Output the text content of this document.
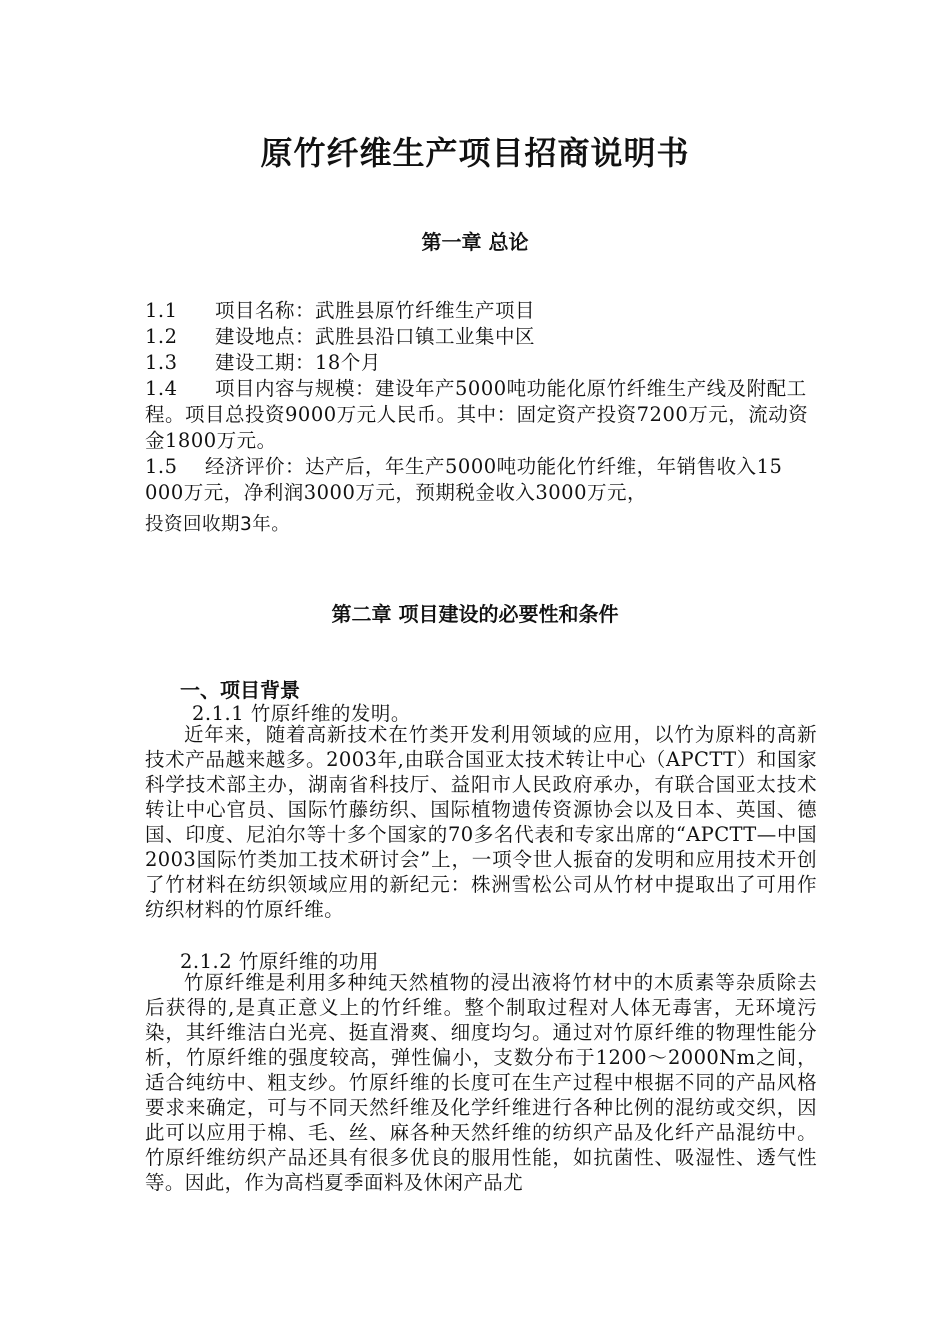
原竹纤维生产项目招商说明书
第一章 总论
1.1 项目名称：武胜县原竹纤维生产项目
1.2 建设地点：武胜县沿口镇工业集中区
1.3 建设工期：18个月
1.4 项目内容与规模：建设年产5000吨功能化原竹纤维生产线及附配工程。项目总投资9000万元人民币。其中：固定资产投资7200万元，流动资金1800万元。
1.5 经济评价：达产后，年生产5000吨功能化竹纤维，年销售收入15 000万元，净利润3000万元，预期税金收入3000万元，
投资回收期3年。
第二章 项目建设的必要性和条件
一、项目背景
2.1.1 竹原纤维的发明。

近年来，随着高新技术在竹类开发利用领域的应用，以竹为原料的高新技术产品越来越多。2003年,由联合国亚太技术转让中心（APCTT）和国家科学技术部主办，湖南省科技厅、益阳市人民政府承办，有联合国亚太技术转让中心官员、国际竹藤纺织、国际植物遗传资源协会以及日本、英国、德国、印度、尼泊尔等十多个国家的70多名代表和专家出席的“APCTT—中国2003国际竹类加工技术研讨会”上，一项令世人振奋的发明和应用技术开创了竹材料在纺织领域应用的新纪元：株洲雪松公司从竹材中提取出了可用作纺织材料的竹原纤维。

2.1.2 竹原纤维的功用

竹原纤维是利用多种纯天然植物的浸出液将竹材中的木质素等杂质除去后获得的,是真正意义上的竹纤维。整个制取过程对人体无毒害，无环境污染，其纤维洁白光亮、挺直滑爽、细度均匀。通过对竹原纤维的物理性能分析，竹原纤维的强度较高，弹性偏小，支数分布于1200～2000Nm之间，适合纯纺中、粗支纱。竹原纤维的长度可在生产过程中根据不同的产品风格要求来确定，可与不同天然纤维及化学纤维进行各种比例的混纺或交织，因此可以应用于棉、毛、丝、麻各种天然纤维的纺织产品及化纤产品混纺中。竹原纤维纺织产品还具有很多优良的服用性能，如抗菌性、吸湿性、透气性等。因此，作为高档夏季面料及休闲产品尤
